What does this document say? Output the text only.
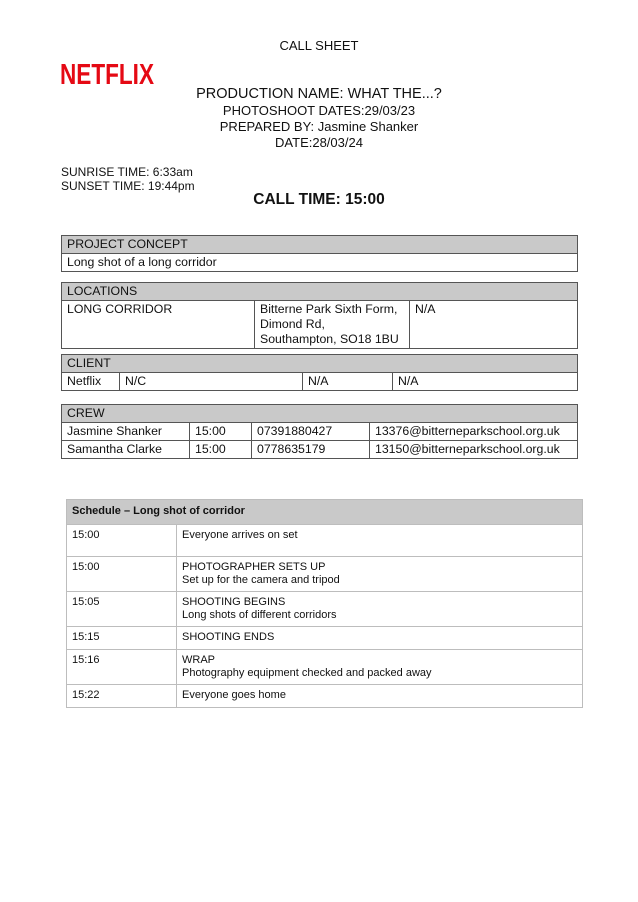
CALL SHEET
NETFLIX
PRODUCTION NAME: WHAT THE...?
PHOTOSHOOT DATES:29/03/23
PREPARED BY: Jasmine Shanker
DATE:28/03/24
SUNRISE TIME: 6:33am
SUNSET TIME: 19:44pm
CALL TIME: 15:00
PROJECT CONCEPT
Long shot of a long corridor
LOCATIONS
LONG CORRIDOR	Bitterne Park Sixth Form, Dimond Rd, Southampton, SO18 1BU	N/A
CLIENT
Netflix	N/C	N/A	N/A
CREW			
Jasmine Shanker	15:00	07391880427	13376@bitterneparkschool.org.uk
Samantha Clarke	15:00	0778635179	13150@bitterneparkschool.org.uk
Schedule – Long shot of corridor	
15:00	Everyone arrives on set

15:00	PHOTOGRAPHER SETS UP
Set up for the camera and tripod

15:05	SHOOTING BEGINS
Long shots of different corridors

15:15	SHOOTING ENDS

15:16	WRAP
Photography equipment checked and packed away

15:22	Everyone goes home
